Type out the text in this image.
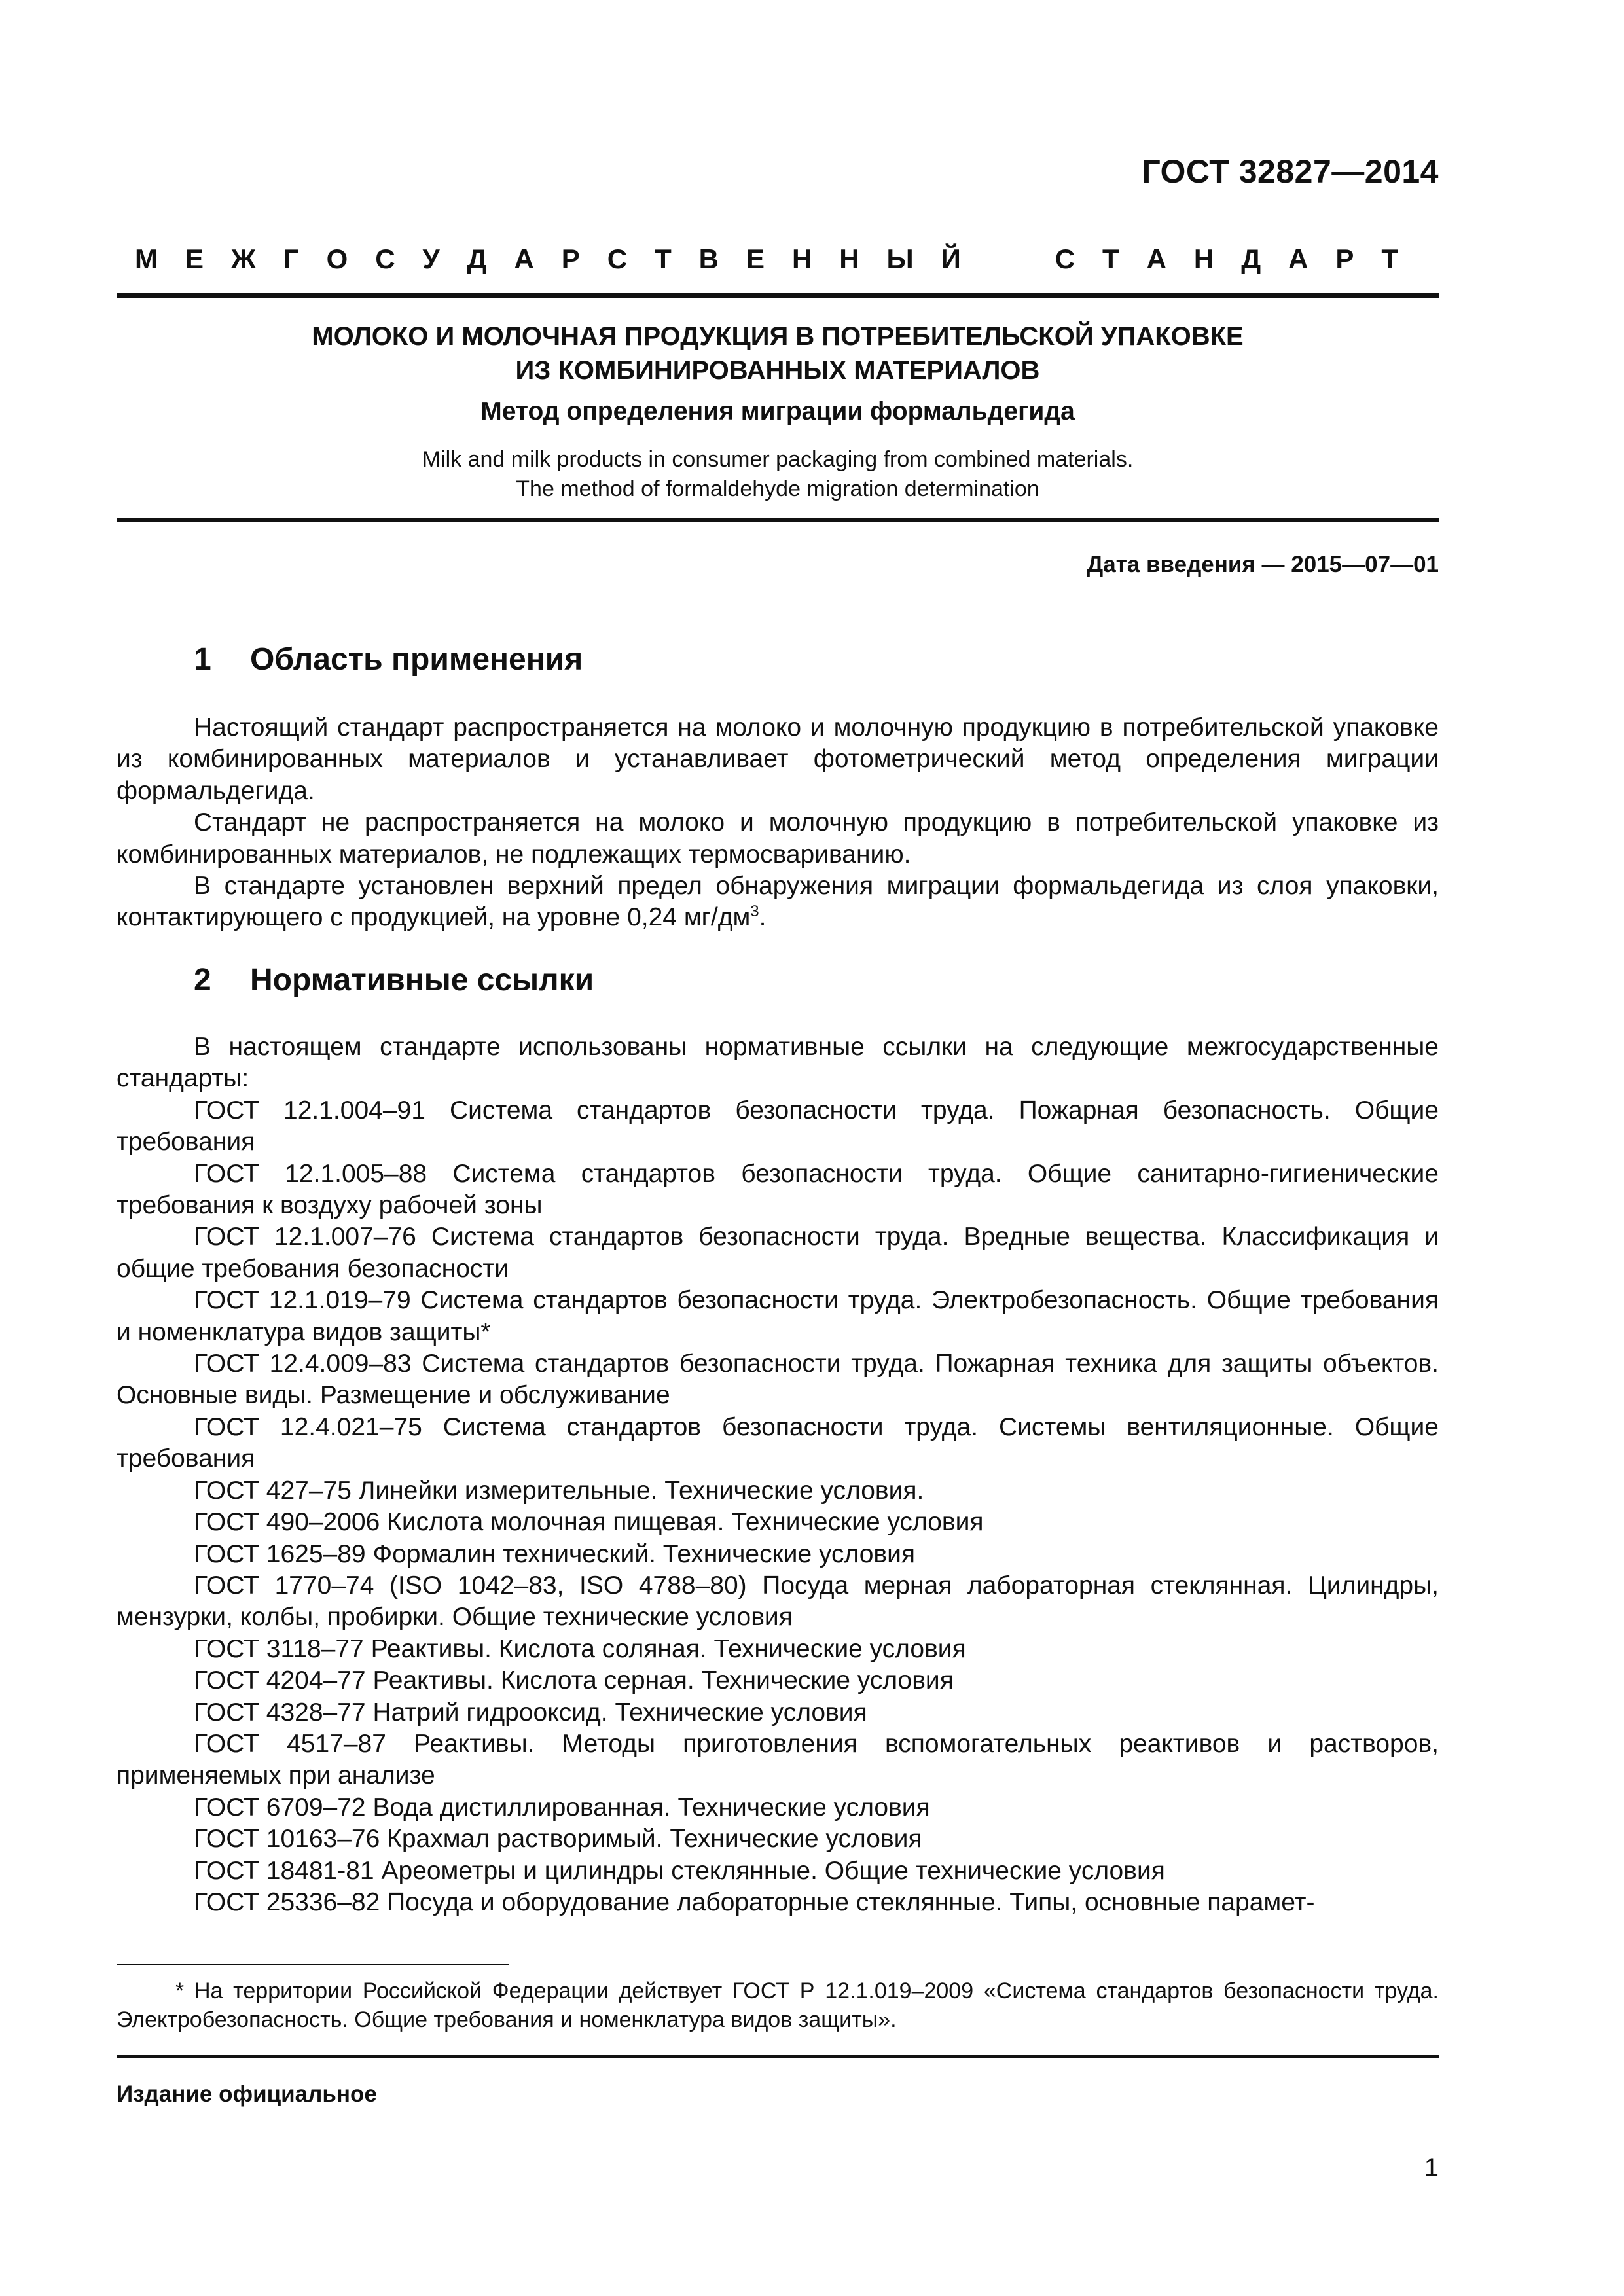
ГОСТ 32827—2014
М Е Ж Г О С У Д А Р С Т В Е Н Н Ы Й	С Т А Н Д А Р Т
МОЛОКО И МОЛОЧНАЯ ПРОДУКЦИЯ В ПОТРЕБИТЕЛЬСКОЙ УПАКОВКЕ
ИЗ КОМБИНИРОВАННЫХ МАТЕРИАЛОВ
Метод определения миграции формальдегида
Milk and milk products in consumer packaging from combined materials.
The method of formaldehyde migration determination
Дата введения — 2015—07—01
1 Область применения

Настоящий стандарт распространяется на молоко и молочную продукцию в потребительской упаковке из комбинированных материалов и устанавливает фотометрический метод определения миграции формальдегида.

Стандарт не распространяется на молоко и молочную продукцию в потребительской упаковке из комбинированных материалов, не подлежащих термосвариванию.

В стандарте установлен верхний предел обнаружения миграции формальдегида из слоя упаковки, контактирующего с продукцией, на уровне 0,24 $мг/дм^3$.

2 Нормативные ссылки

В настоящем стандарте использованы нормативные ссылки на следующие межгосударственные стандарты:

ГОСТ 12.1.004–91 Система стандартов безопасности труда. Пожарная безопасность. Общие требования

ГОСТ 12.1.005–88 Система стандартов безопасности труда. Общие санитарно-гигиенические требования к воздуху рабочей зоны

ГОСТ 12.1.007–76 Система стандартов безопасности труда. Вредные вещества. Классификация и общие требования безопасности

ГОСТ 12.1.019–79 Система стандартов безопасности труда. Электробезопасность. Общие требования и номенклатура видов защиты*

ГОСТ 12.4.009–83 Система стандартов безопасности труда. Пожарная техника для защиты объектов. Основные виды. Размещение и обслуживание

ГОСТ 12.4.021–75 Система стандартов безопасности труда. Системы вентиляционные. Общие требования

ГОСТ 427–75 Линейки измерительные. Технические условия.

ГОСТ 490–2006 Кислота молочная пищевая. Технические условия

ГОСТ 1625–89 Формалин технический. Технические условия

ГОСТ 1770–74 (ISO 1042–83, ISO 4788–80) Посуда мерная лабораторная стеклянная. Цилиндры, мензурки, колбы, пробирки. Общие технические условия

ГОСТ 3118–77 Реактивы. Кислота соляная. Технические условия

ГОСТ 4204–77 Реактивы. Кислота серная. Технические условия

ГОСТ 4328–77 Натрий гидрооксид. Технические условия

ГОСТ 4517–87 Реактивы. Методы приготовления вспомогательных реактивов и растворов, применяемых при анализе

ГОСТ 6709–72 Вода дистиллированная. Технические условия

ГОСТ 10163–76 Крахмал растворимый. Технические условия

ГОСТ 18481-81 Ареометры и цилиндры стеклянные. Общие технические условия

ГОСТ 25336–82 Посуда и оборудование лабораторные стеклянные. Типы, основные парамет-

* На территории Российской Федерации действует ГОСТ Р 12.1.019–2009 «Система стандартов безопасности труда. Электробезопасность. Общие требования и номенклатура видов защиты».
Издание официальное
1
